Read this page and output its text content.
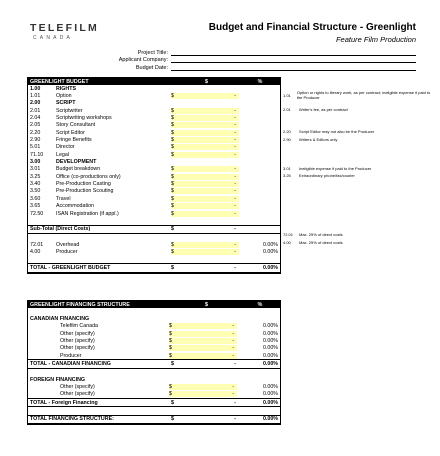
TELEFILM
CANADA
Budget and Financial Structure - Greenlight
Feature Film Production
Project Title:
Applicant Company:
Budget Date:
GREENLIGHT BUDGET	$	%
1.00	RIGHTS
1.01	Option	$	-
2.00	SCRIPT
2.01	Scriptwriter	$	-
2.04	Scriptwriting workshops	$	-
2.05	Story Consultant	$	-
2.20	Script Editor	$	-
2.90	Fringe Benefits	$	-
5.01	Director	$	-
71.10	Legal	$	-
3.00	DEVELOPMENT
3.01	Budget breakdown	$	-
3.25	Office (co-productions only)	$	-
3.40	Pre-Production Casting	$	-
3.50	Pre-Production Scouting	$	-
3.60	Travel	$	-
3.65	Accommodation	$	-
72.50	ISAN Registration (if appl.)	$	-
Sub-Total (Direct Costs)	$	-
72.01	Overhead	$	-	0.00%
4.00	Producer	$	-	0.00%
TOTAL - GREENLIGHT BUDGET	$	-	0.00%
1.01	Option or rights to literary work, as per contract; ineligible expense if paid to the Producer
2.01	Writer's fee, as per contract
2.20	Script Editor may not also be the Producer
2.90	Writers & Editors only
3.01	Ineligible expense if paid to the Producer
3.25	Extraordinary phone/fax/courier
72.01	Max. 25% of direct costs
4.00	Max. 25% of direct costs
GREENLIGHT FINANCING STRUCTURE	$	%
CANADIAN FINANCING
Telefilm Canada	$	-	0.00%
Other (specify)	$	-	0.00%
Other (specify)	$	-	0.00%
Other (specify)	$	-	0.00%
Producer	$	-	0.00%
TOTAL - CANADIAN FINANCING	$	-	0.00%
FOREIGN FINANCING
Other (specify)	$	-	0.00%
Other (specify)	$	-	0.00%
TOTAL - Foreign Financing	$	-	0.00%
TOTAL FINANCING STRUCTURE:	$	-	0.00%
